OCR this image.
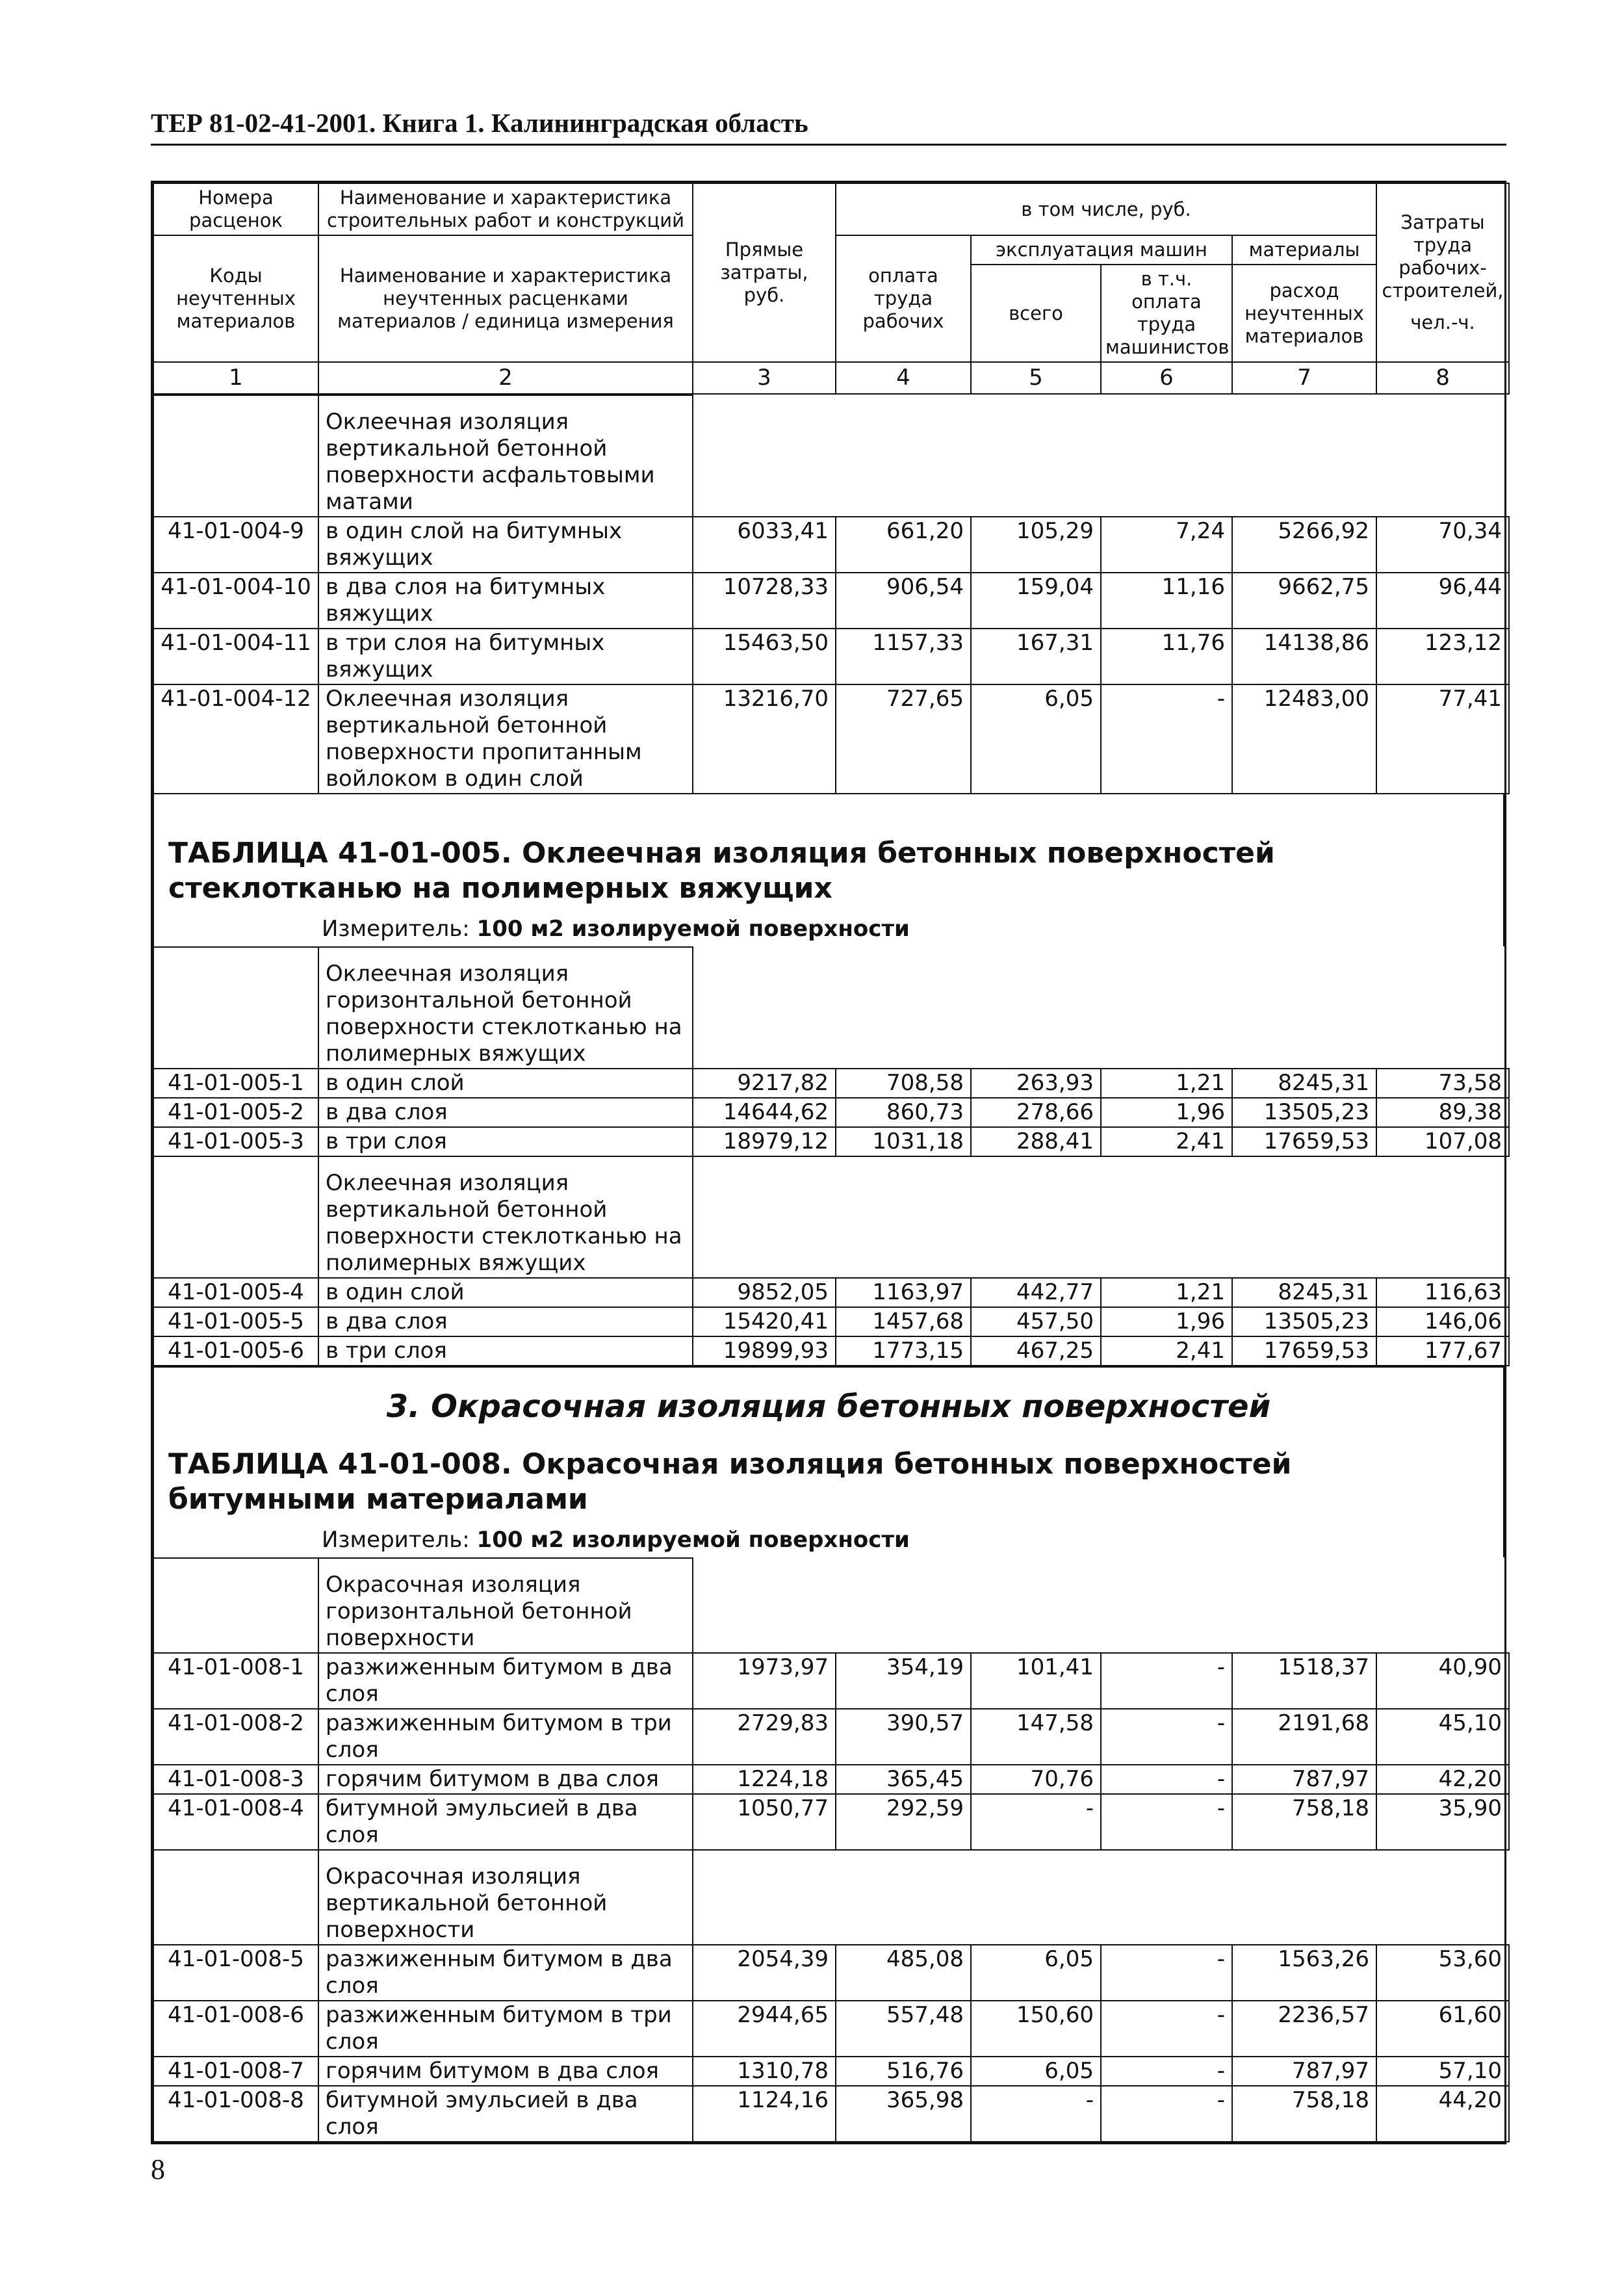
ТЕР 81-02-41-2001. Книга 1. Калининградская область
Номера расценок	Наименование и характеристика строительных работ и конструкций	Прямые затраты, руб.	в том числе, руб.				Затраты труда рабочих-строителей,
чел.-ч.

Коды неучтенных материалов	Наименование и характеристика неучтенных расценками материалов / единица измерения		оплата труда рабочих	эксплуатация машин		материалы	
				всего	в т.ч. оплата труда машинистов	расход неучтенных материалов	
1	2	3	4	5	6	7	8
	Оклеечная изоляция вертикальной бетонной поверхности асфальтовыми матами						
41-01-004-9	в один слой на битумных вяжущих	6033,41	661,20	105,29	7,24	5266,92	70,34
41-01-004-10	в два слоя на битумных вяжущих	10728,33	906,54	159,04	11,16	9662,75	96,44
41-01-004-11	в три слоя на битумных вяжущих	15463,50	1157,33	167,31	11,76	14138,86	123,12
41-01-004-12	Оклеечная изоляция вертикальной бетонной поверхности пропитанным войлоком в один слой	13216,70	727,65	6,05	-	12483,00	77,41
ТАБЛИЦА 41-01-005. Оклеечная изоляция бетонных поверхностей стеклотканью на полимерных вяжущих
Измеритель: 100 м2 изолируемой поверхности
	Оклеечная изоляция горизонтальной бетонной поверхности стеклотканью на полимерных вяжущих						
41-01-005-1	в один слой	9217,82	708,58	263,93	1,21	8245,31	73,58
41-01-005-2	в два слоя	14644,62	860,73	278,66	1,96	13505,23	89,38
41-01-005-3	в три слоя	18979,12	1031,18	288,41	2,41	17659,53	107,08
	Оклеечная изоляция вертикальной бетонной поверхности стеклотканью на полимерных вяжущих						
41-01-005-4	в один слой	9852,05	1163,97	442,77	1,21	8245,31	116,63
41-01-005-5	в два слоя	15420,41	1457,68	457,50	1,96	13505,23	146,06
41-01-005-6	в три слоя	19899,93	1773,15	467,25	2,41	17659,53	177,67
3. Окрасочная изоляция бетонных поверхностей
ТАБЛИЦА 41-01-008. Окрасочная изоляция бетонных поверхностей битумными материалами
Измеритель: 100 м2 изолируемой поверхности
	Окрасочная изоляция горизонтальной бетонной поверхности						
41-01-008-1	разжиженным битумом в два слоя	1973,97	354,19	101,41	-	1518,37	40,90
41-01-008-2	разжиженным битумом в три слоя	2729,83	390,57	147,58	-	2191,68	45,10
41-01-008-3	горячим битумом в два слоя	1224,18	365,45	70,76	-	787,97	42,20
41-01-008-4	битумной эмульсией в два слоя	1050,77	292,59	-	-	758,18	35,90
	Окрасочная изоляция вертикальной бетонной поверхности						
41-01-008-5	разжиженным битумом в два слоя	2054,39	485,08	6,05	-	1563,26	53,60
41-01-008-6	разжиженным битумом в три слоя	2944,65	557,48	150,60	-	2236,57	61,60
41-01-008-7	горячим битумом в два слоя	1310,78	516,76	6,05	-	787,97	57,10
41-01-008-8	битумной эмульсией в два слоя	1124,16	365,98	-	-	758,18	44,20
8
